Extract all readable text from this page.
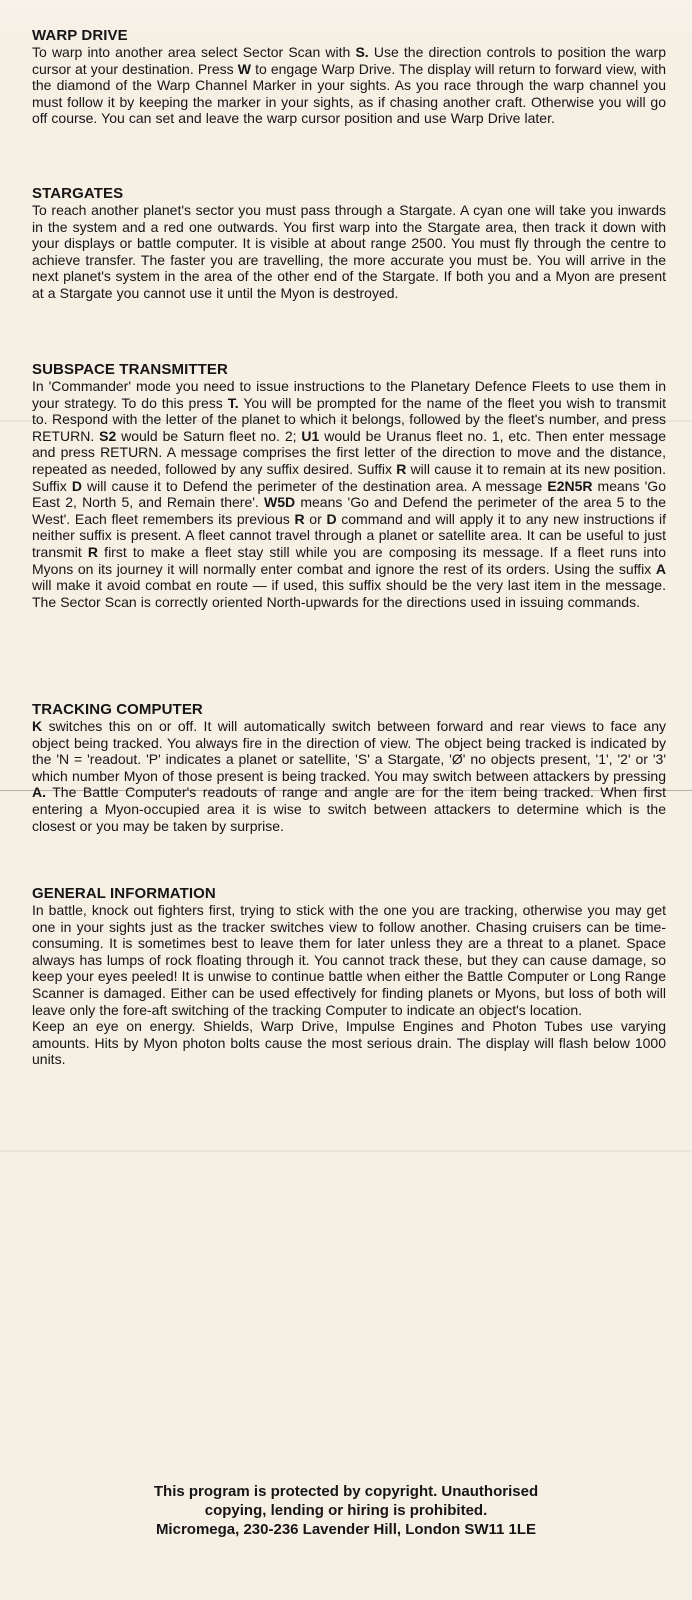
WARP DRIVE

To warp into another area select Sector Scan with S. Use the direction controls to position the warp cursor at your destination. Press W to engage Warp Drive. The display will return to forward view, with the diamond of the Warp Channel Marker in your sights. As you race through the warp channel you must follow it by keeping the marker in your sights, as if chasing another craft. Otherwise you will go off course. You can set and leave the warp cursor position and use Warp Drive later.

STARGATES

To reach another planet's sector you must pass through a Stargate. A cyan one will take you inwards in the system and a red one outwards. You first warp into the Stargate area, then track it down with your displays or battle computer. It is visible at about range 2500. You must fly through the centre to achieve transfer. The faster you are travelling, the more accurate you must be. You will arrive in the next planet's system in the area of the other end of the Stargate. If both you and a Myon are present at a Stargate you cannot use it until the Myon is destroyed.

SUBSPACE TRANSMITTER

In 'Commander' mode you need to issue instructions to the Planetary Defence Fleets to use them in your strategy. To do this press T. You will be prompted for the name of the fleet you wish to transmit to. Respond with the letter of the planet to which it belongs, followed by the fleet's number, and press RETURN. S2 would be Saturn fleet no. 2; U1 would be Uranus fleet no. 1, etc. Then enter message and press RETURN. A message comprises the first letter of the direction to move and the distance, repeated as needed, followed by any suffix desired. Suffix R will cause it to remain at its new position. Suffix D will cause it to Defend the perimeter of the destination area. A message E2N5R means 'Go East 2, North 5, and Remain there'. W5D means 'Go and Defend the perimeter of the area 5 to the West'. Each fleet remembers its previous R or D command and will apply it to any new instructions if neither suffix is present. A fleet cannot travel through a planet or satellite area. It can be useful to just transmit R first to make a fleet stay still while you are composing its message. If a fleet runs into Myons on its journey it will normally enter combat and ignore the rest of its orders. Using the suffix A will make it avoid combat en route — if used, this suffix should be the very last item in the message. The Sector Scan is correctly oriented North-upwards for the directions used in issuing commands.

TRACKING COMPUTER

K switches this on or off. It will automatically switch between forward and rear views to face any object being tracked. You always fire in the direction of view. The object being tracked is indicated by the 'N = 'readout. 'P' indicates a planet or satellite, 'S' a Stargate, 'Ø' no objects present, '1', '2' or '3' which number Myon of those present is being tracked. You may switch between attackers by pressing A. The Battle Computer's readouts of range and angle are for the item being tracked. When first entering a Myon-occupied area it is wise to switch between attackers to determine which is the closest or you may be taken by surprise.

GENERAL INFORMATION

In battle, knock out fighters first, trying to stick with the one you are tracking, otherwise you may get one in your sights just as the tracker switches view to follow another. Chasing cruisers can be time-consuming. It is sometimes best to leave them for later unless they are a threat to a planet. Space always has lumps of rock floating through it. You cannot track these, but they can cause damage, so keep your eyes peeled! It is unwise to continue battle when either the Battle Computer or Long Range Scanner is damaged. Either can be used effectively for finding planets or Myons, but loss of both will leave only the fore-aft switching of the tracking Computer to indicate an object's location.

Keep an eye on energy. Shields, Warp Drive, Impulse Engines and Photon Tubes use varying amounts. Hits by Myon photon bolts cause the most serious drain. The display will flash below 1000 units.

This program is protected by copyright. Unauthorised
copying, lending or hiring is prohibited.
Micromega, 230-236 Lavender Hill, London SW11 1LE
